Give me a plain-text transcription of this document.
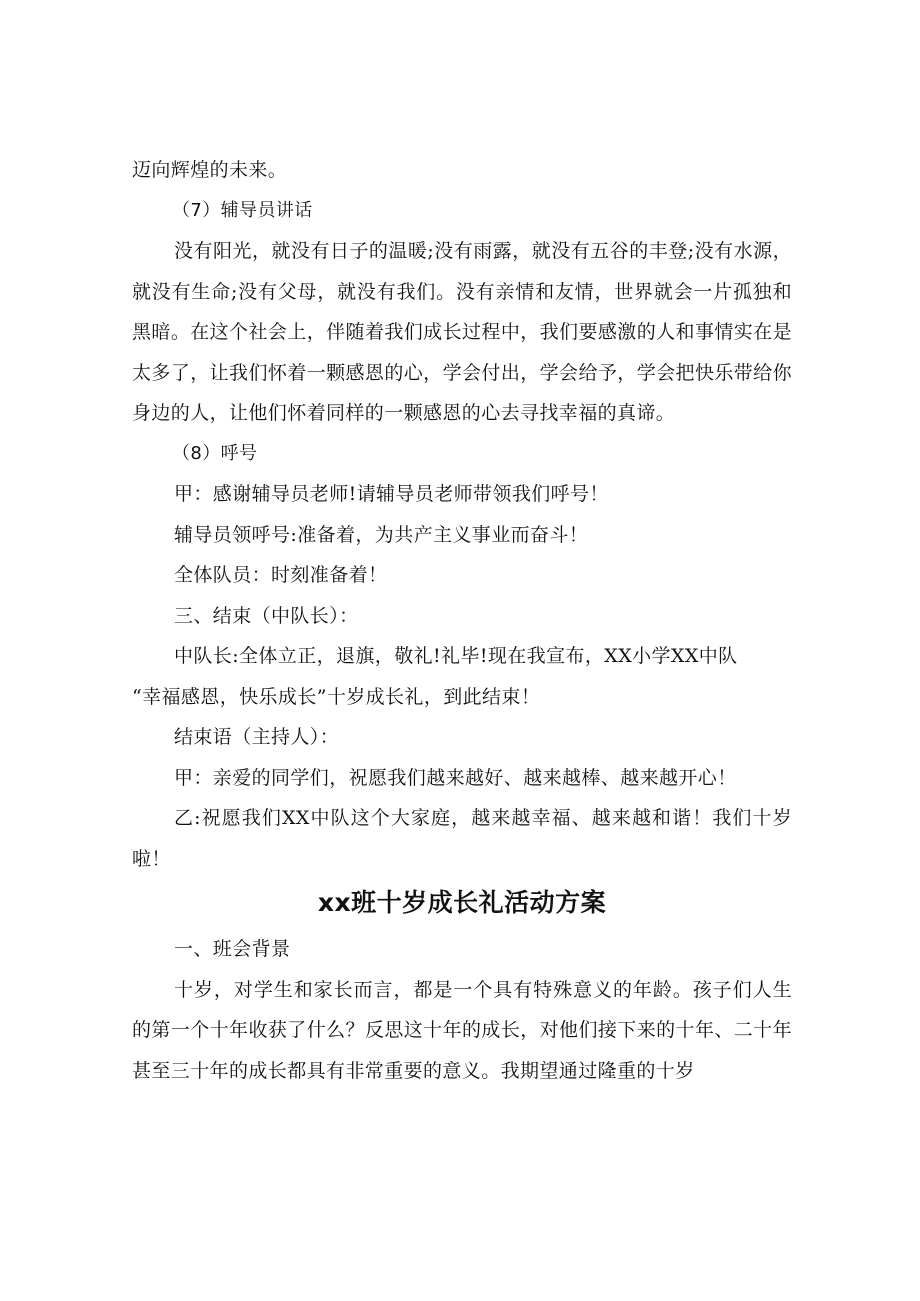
迈向辉煌的未来。

（7）辅导员讲话

没有阳光，就没有日子的温暖;没有雨露，就没有五谷的丰登;没有水源，就没有生命;没有父母，就没有我们。没有亲情和友情，世界就会一片孤独和黑暗。在这个社会上，伴随着我们成长过程中，我们要感激的人和事情实在是太多了，让我们怀着一颗感恩的心，学会付出，学会给予，学会把快乐带给你身边的人，让他们怀着同样的一颗感恩的心去寻找幸福的真谛。

（8）呼号

甲：感谢辅导员老师!请辅导员老师带领我们呼号！

辅导员领呼号:准备着，为共产主义事业而奋斗！

全体队员：时刻准备着！

三、结束（中队长）：

中队长:全体立正，退旗，敬礼!礼毕!现在我宣布，XX小学XX中队

“幸福感恩，快乐成长”十岁成长礼，到此结束！

结束语（主持人）：

甲：亲爱的同学们，祝愿我们越来越好、越来越棒、越来越开心！

乙:祝愿我们XX中队这个大家庭，越来越幸福、越来越和谐！我们十岁啦！

xx班十岁成长礼活动方案

一、班会背景

十岁，对学生和家长而言，都是一个具有特殊意义的年龄。孩子们人生的第一个十年收获了什么？反思这十年的成长，对他们接下来的十年、二十年甚至三十年的成长都具有非常重要的意义。我期望通过隆重的十岁
